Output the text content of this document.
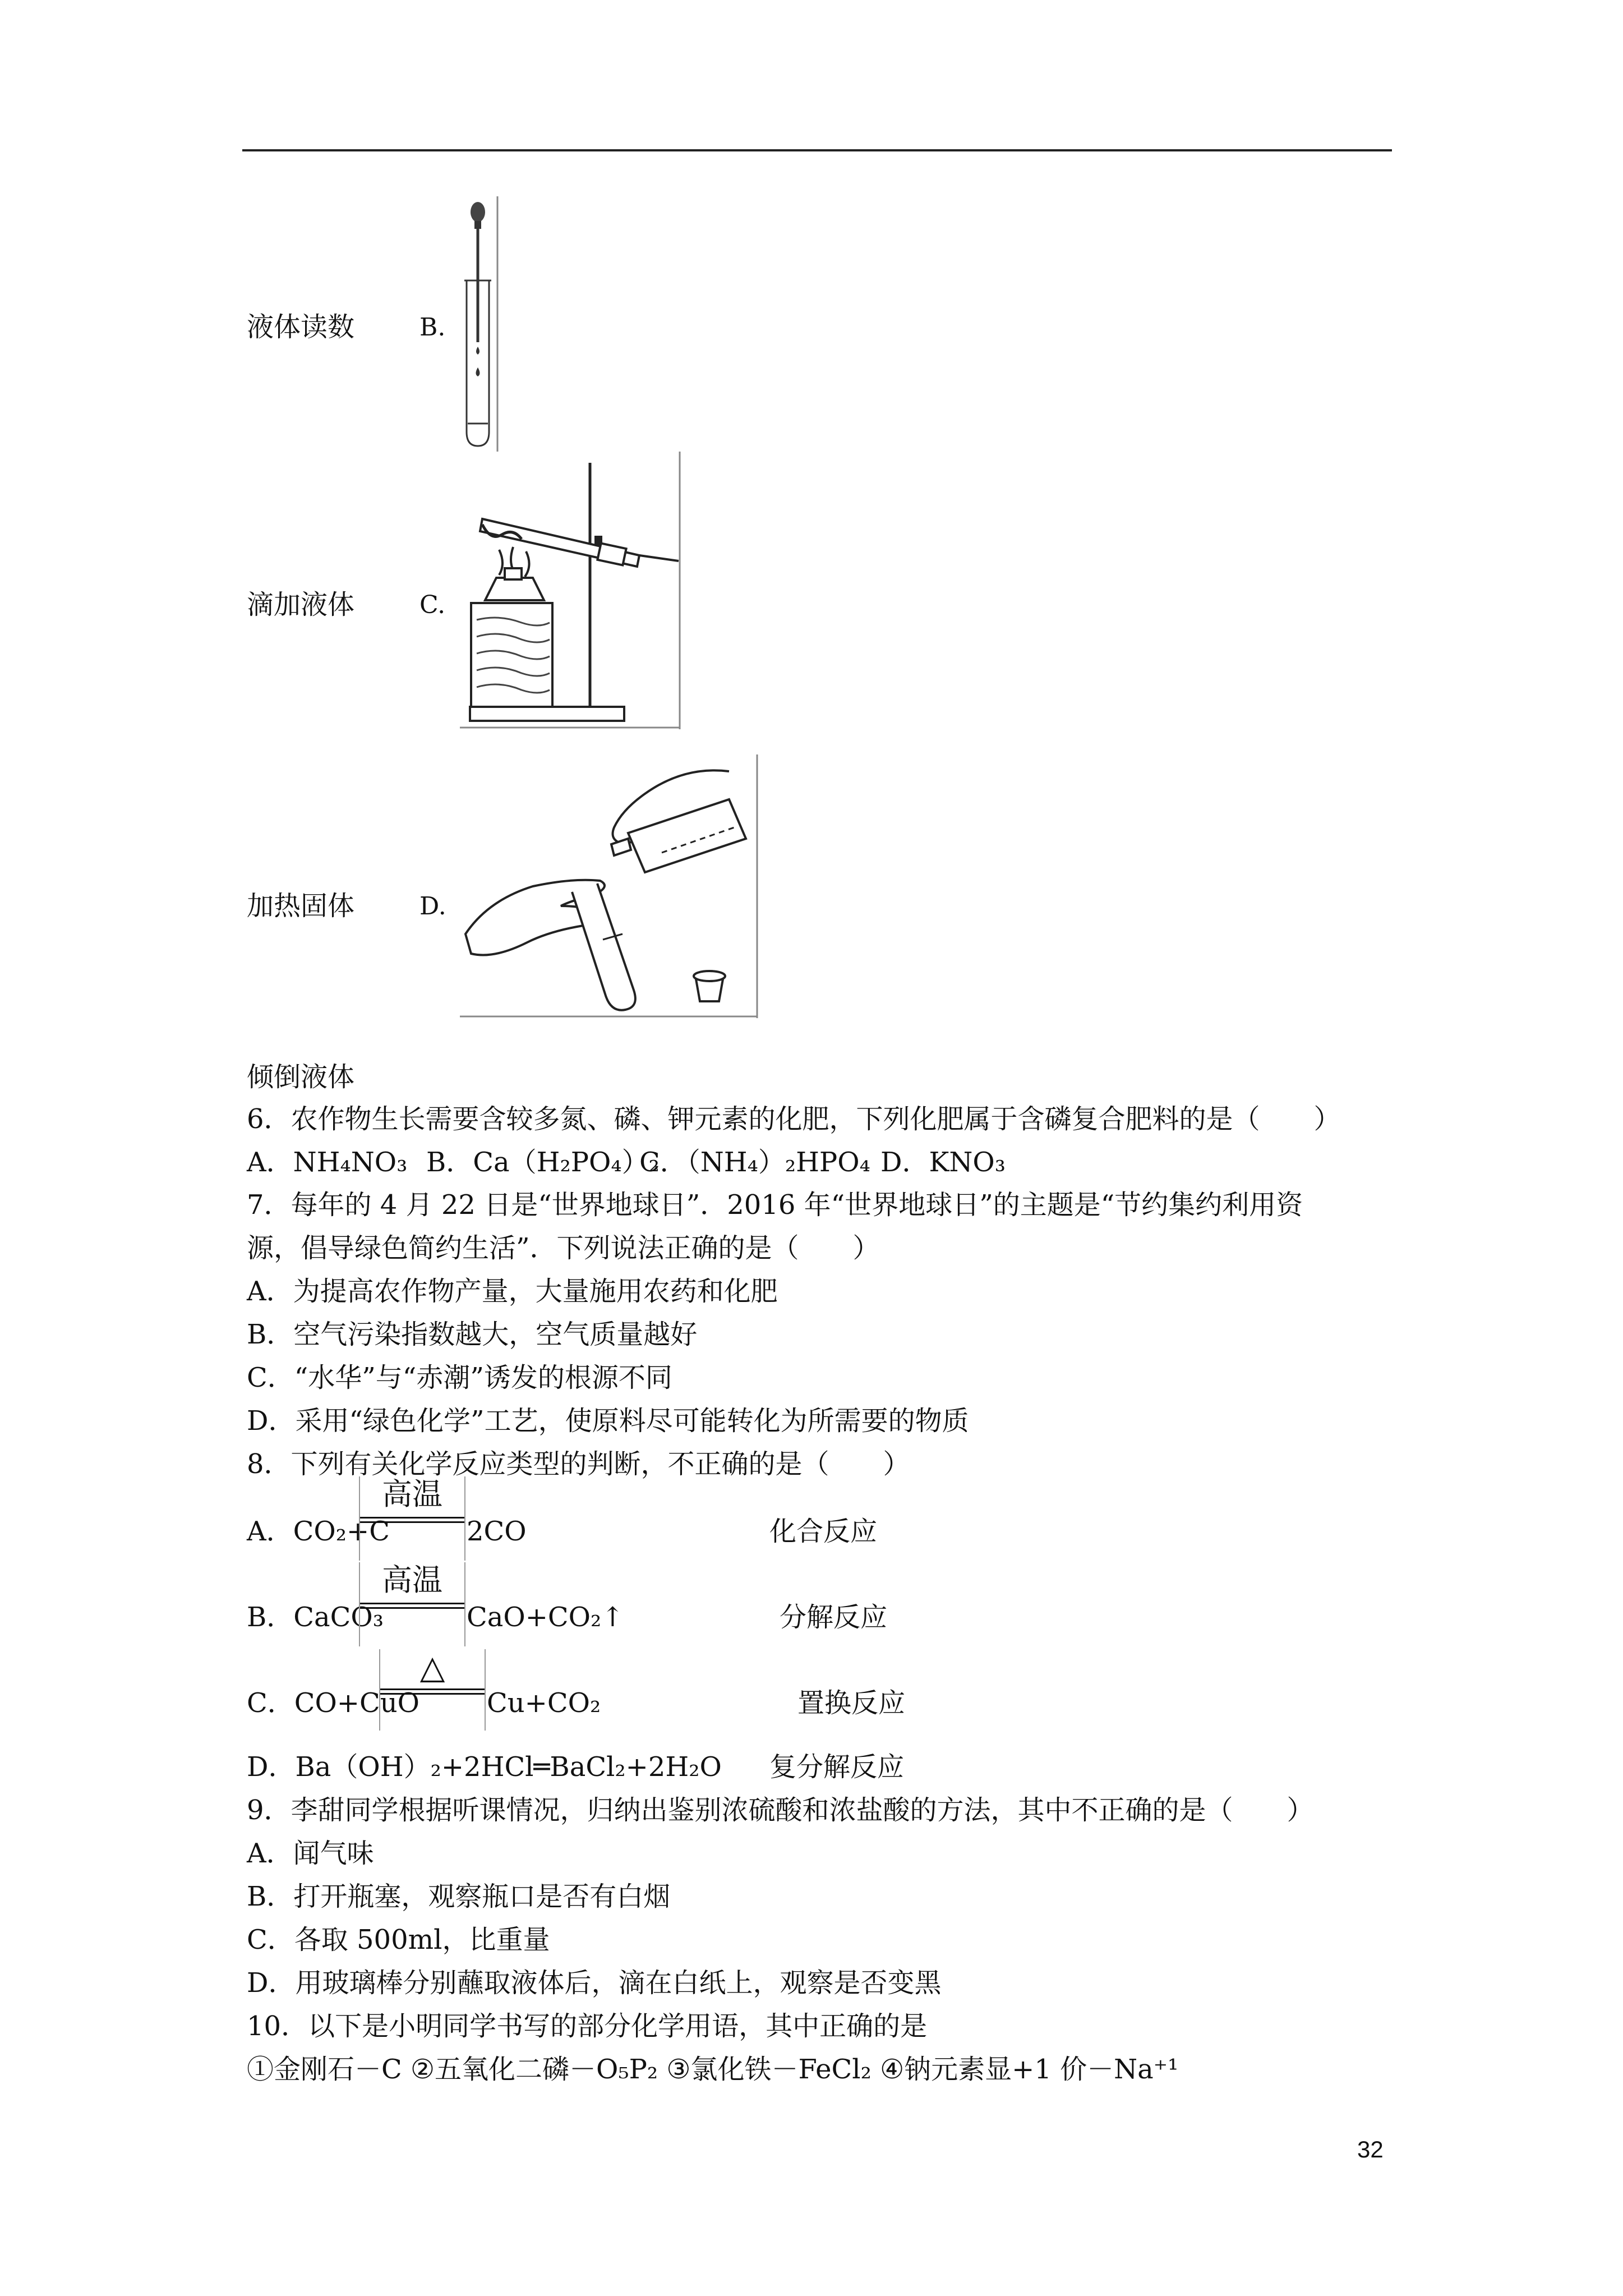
液体读数	B.
滴加液体	C.
加热固体	D.
倾倒液体
6．农作物生长需要含较多氮、磷、钾元素的化肥，下列化肥属于含磷复合肥料的是（　　）
A．NH₄NO₃ B．Ca（H₂PO₄）₂
C．（NH₄）₂HPO₄ D．KNO₃
7．每年的 4 月 22 日是“世界地球日”．2016 年“世界地球日”的主题是“节约集约利用资
源，倡导绿色简约生活”．下列说法正确的是（　　）
A．为提高农作物产量，大量施用农药和化肥
B．空气污染指数越大，空气质量越好
C．“水华”与“赤潮”诱发的根源不同
D．采用“绿色化学”工艺，使原料尽可能转化为所需要的物质
8．下列有关化学反应类型的判断，不正确的是（　　）
A．CO₂+C
高温
2CO	化合反应
B．CaCO₃
高温
CaO+CO₂↑	分解反应
C．CO+CuO
△
Cu+CO₂	置换反应
D．Ba（OH）₂+2HCl═BaCl₂+2H₂O 复分解反应
9．李甜同学根据听课情况，归纳出鉴别浓硫酸和浓盐酸的方法，其中不正确的是（　　）
A．闻气味
B．打开瓶塞，观察瓶口是否有白烟
C．各取 500ml，比重量
D．用玻璃棒分别蘸取液体后，滴在白纸上，观察是否变黑
10．以下是小明同学书写的部分化学用语，其中正确的是
①金刚石－C ②五氧化二磷－O₅P₂ ③氯化铁－FeCl₂ ④钠元素显+1 价－Na⁺¹
32
